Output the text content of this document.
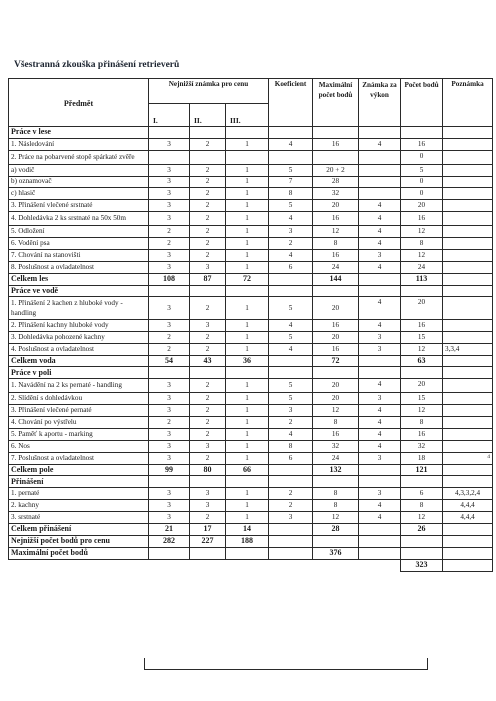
Všestranná zkouška přinášení retrieverů
Předmět	Nejnižší známka pro cenu			Koeficient	Maximální počet bodů	Známka za výkon	Počet bodů	Poznámka
	I.	II.	III.					
Práce v lese								
1. Následování	3	2	1	4	16	4	16	
2. Práce na pobarvené stopě spárkaté zvěře							0	
a) vodič	3	2	1	5	20 + 2		5	
b) oznamovač	3	2	1	7	28		0	
c) hlasič	3	2	1	8	32		0	
3. Přinášení vlečené srstnaté	3	2	1	5	20	4	20	
4. Dohledávka 2 ks srstnaté na 50x 50m	3	2	1	4	16	4	16	
5. Odložení	2	2	1	3	12	4	12	
6. Vodění psa	2	2	1	2	8	4	8	
7. Chování na stanovišti	3	2	1	4	16	3	12	
8. Poslušnost a ovladatelnost	3	3	1	6	24	4	24	
Celkem les	108	87	72		144		113	
Práce ve vodě								
1. Přinášení 2 kachen z hluboké vody - handling	3	2	1	5	20	4	20	
2. Přinášení kachny hluboké vody	3	3	1	4	16	4	16	
3. Dohledávka pohozené kachny	2	2	1	5	20	3	15	
4. Poslušnost a ovladatelnost	2	2	1	4	16	3	12	3,3,4
Celkem voda	54	43	36		72		63	
Práce v poli								
1. Navádění na 2 ks pernaté - handling	3	2	1	5	20	4	20	
2. Slídění s dohledávkou	3	2	1	5	20	3	15	
3. Přinášení vlečené pernaté	3	2	1	3	12	4	12	
4. Chování po výstřelu	2	2	1	2	8	4	8	
5. Paměť k aportu - marking	3	2	1	4	16	4	16	
6. Nos	3	3	1	8	32	4	32	
7. Poslušnost a ovladatelnost	3	2	1	6	24	3	18	4
Celkem pole	99	80	66		132		121	
Přinášení								
1. pernaté	3	3	1	2	8	3	6	4,3,3,2,4
2. kachny	3	3	1	2	8	4	8	4,4,4
3. srstnaté	3	2	1	3	12	4	12	4,4,4
Celkem přinášení	21	17	14		28		26	
Nejnižší počet bodů pro cenu	282	227	188					
Maximální počet bodů					376			
							323	
